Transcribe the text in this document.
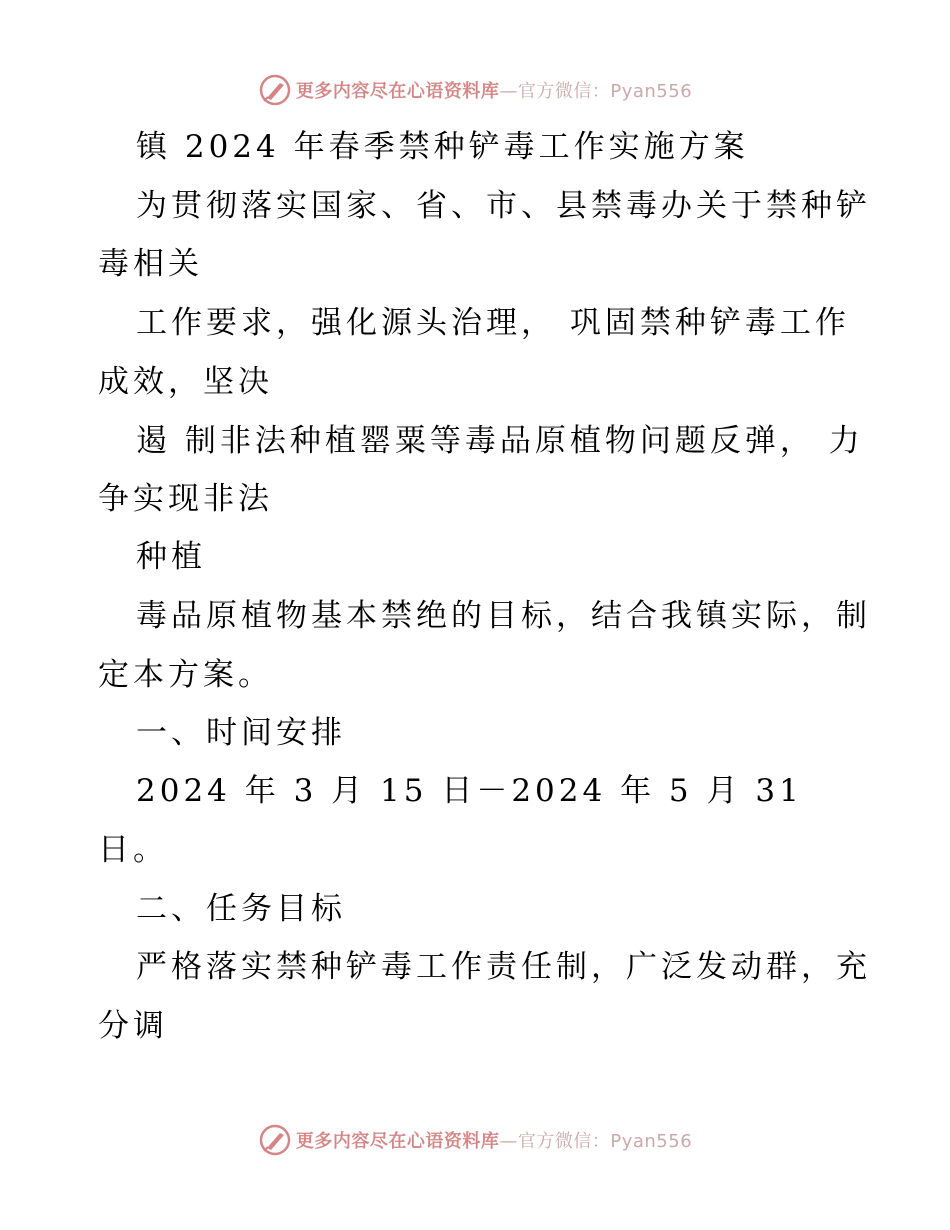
更多内容尽在心语资料库—官方微信：Pyan556
镇 2024 年春季禁种铲毒工作实施方案
为贯彻落实国家、省、市、县禁毒办关于禁种铲
毒相关
工作要求，强化源头治理， 巩固禁种铲毒工作
成效，坚决
遏 制非法种植罂粟等毒品原植物问题反弹， 力
争实现非法
种植
毒品原植物基本禁绝的目标，结合我镇实际，制
定本方案。
一、时间安排
2024 年 3 月 15 日－2024 年 5 月 31
日。
二、任务目标
严格落实禁种铲毒工作责任制，广泛发动群，充
分调
更多内容尽在心语资料库—官方微信：Pyan556
